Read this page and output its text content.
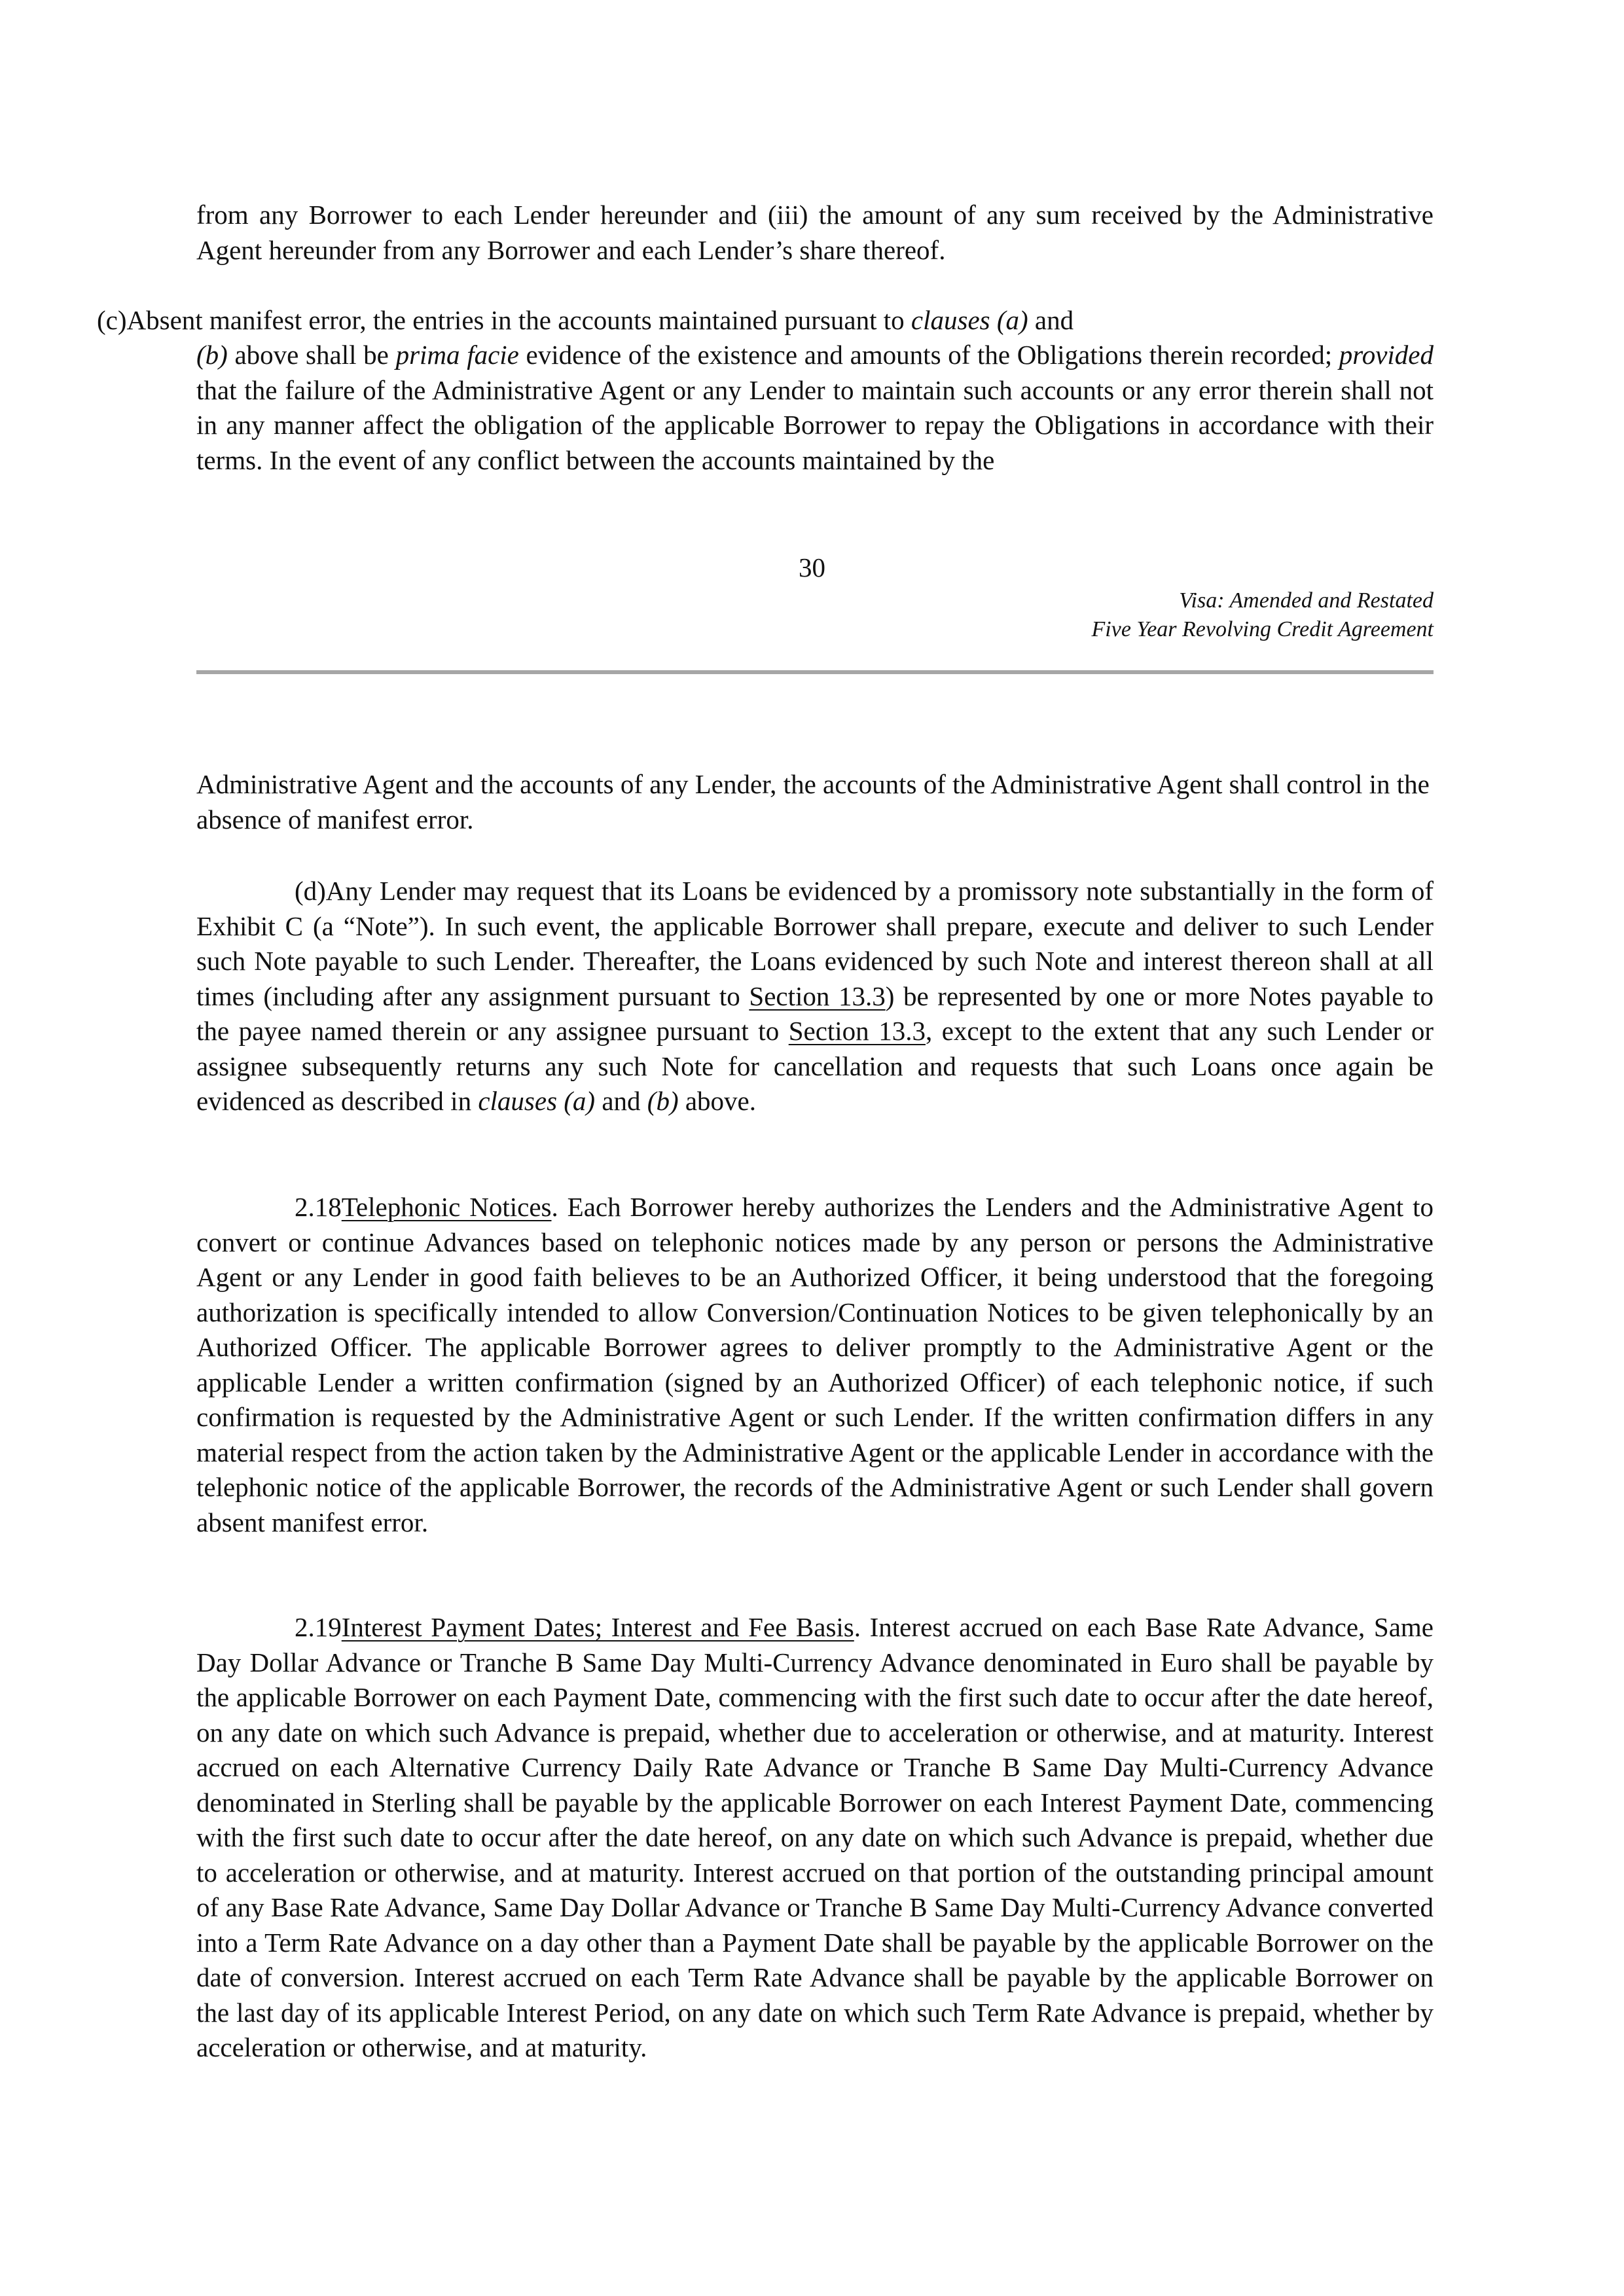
from any Borrower to each Lender hereunder and (iii) the amount of any sum received by the Administrative Agent hereunder from any Borrower and each Lender’s share thereof.

(c)Absent manifest error, the entries in the accounts maintained pursuant to clauses (a) and

(b) above shall be prima facie evidence of the existence and amounts of the Obligations therein recorded; provided that the failure of the Administrative Agent or any Lender to maintain such accounts or any error therein shall not in any manner affect the obligation of the applicable Borrower to repay the Obligations in accordance with their terms. In the event of any conflict between the accounts maintained by the

30
Visa: Amended and Restated
Five Year Revolving Credit Agreement

Administrative Agent and the accounts of any Lender, the accounts of the Administrative Agent shall control in the absence of manifest error.

(d)Any Lender may request that its Loans be evidenced by a promissory note substantially in the form of Exhibit C (a “Note”). In such event, the applicable Borrower shall prepare, execute and deliver to such Lender such Note payable to such Lender. Thereafter, the Loans evidenced by such Note and interest thereon shall at all times (including after any assignment pursuant to Section 13.3) be represented by one or more Notes payable to the payee named therein or any assignee pursuant to Section 13.3, except to the extent that any such Lender or assignee subsequently returns any such Note for cancellation and requests that such Loans once again be evidenced as described in clauses (a) and (b) above.

2.18Telephonic Notices. Each Borrower hereby authorizes the Lenders and the Administrative Agent to convert or continue Advances based on telephonic notices made by any person or persons the Administrative Agent or any Lender in good faith believes to be an Authorized Officer, it being understood that the foregoing authorization is specifically intended to allow Conversion/Continuation Notices to be given telephonically by an Authorized Officer. The applicable Borrower agrees to deliver promptly to the Administrative Agent or the applicable Lender a written confirmation (signed by an Authorized Officer) of each telephonic notice, if such confirmation is requested by the Administrative Agent or such Lender. If the written confirmation differs in any material respect from the action taken by the Administrative Agent or the applicable Lender in accordance with the telephonic notice of the applicable Borrower, the records of the Administrative Agent or such Lender shall govern absent manifest error.

2.19Interest Payment Dates; Interest and Fee Basis. Interest accrued on each Base Rate Advance, Same Day Dollar Advance or Tranche B Same Day Multi-Currency Advance denominated in Euro shall be payable by the applicable Borrower on each Payment Date, commencing with the first such date to occur after the date hereof, on any date on which such Advance is prepaid, whether due to acceleration or otherwise, and at maturity. Interest accrued on each Alternative Currency Daily Rate Advance or Tranche B Same Day Multi-Currency Advance denominated in Sterling shall be payable by the applicable Borrower on each Interest Payment Date, commencing with the first such date to occur after the date hereof, on any date on which such Advance is prepaid, whether due to acceleration or otherwise, and at maturity. Interest accrued on that portion of the outstanding principal amount of any Base Rate Advance, Same Day Dollar Advance or Tranche B Same Day Multi-Currency Advance converted into a Term Rate Advance on a day other than a Payment Date shall be payable by the applicable Borrower on the date of conversion. Interest accrued on each Term Rate Advance shall be payable by the applicable Borrower on the last day of its applicable Interest Period, on any date on which such Term Rate Advance is prepaid, whether by acceleration or otherwise, and at maturity.
